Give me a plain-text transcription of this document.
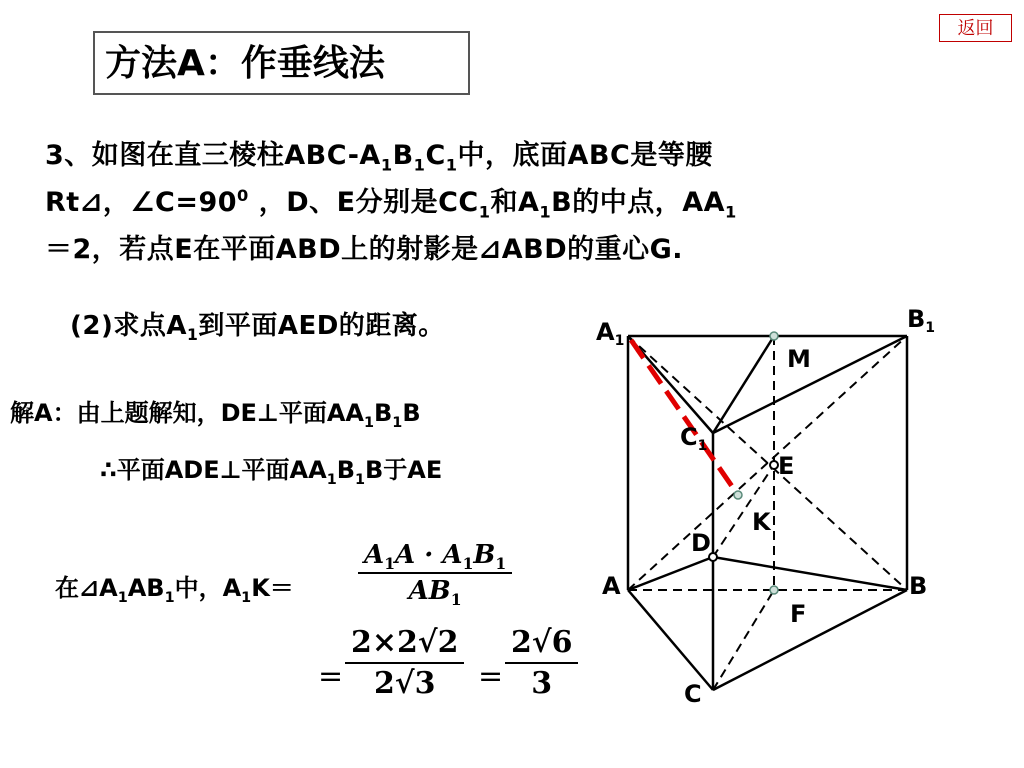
返回
方法A：作垂线法
3、如图在直三棱柱ABC-$A_1B_1C_1$中，底面ABC是等腰
Rt⊿，$\angle C=90^0$ ，D、E分别是$CC_1$和$A_1B$的中点，$AA_1$
＝2，若点E在平面ABD上的射影是⊿ABD的重心G.
(2)求点$A_1$到平面AED的距离。
解A：由上题解知，DE⊥平面$AA_1B_1B$
∴平面ADE⊥平面$AA_1B_1B$于AE
在$⊿A_1AB_1$中，$A_1K= \frac{A_1A \cdot A_1B_1}{AB_1}$
= $\frac{2\times 2√2}{2√3} = \frac{2√6}{3}$
$A_1$
$B_1$
$C_1$
M
E
K
D
A	B
F
C
